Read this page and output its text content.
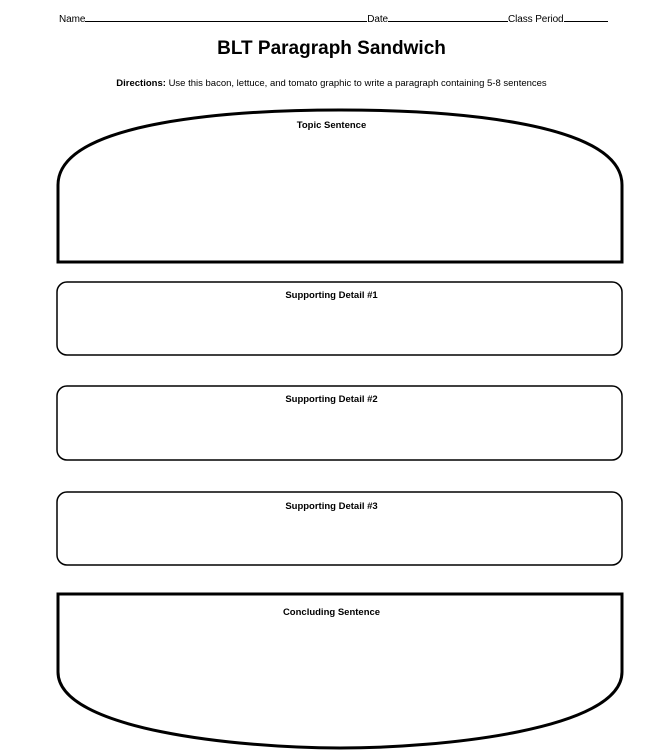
Name	Date	Class Period
BLT Paragraph Sandwich
Directions: Use this bacon, lettuce, and tomato graphic to write a paragraph containing 5-8 sentences
Topic Sentence
Supporting Detail #1
Supporting Detail #2
Supporting Detail #3
Concluding Sentence
